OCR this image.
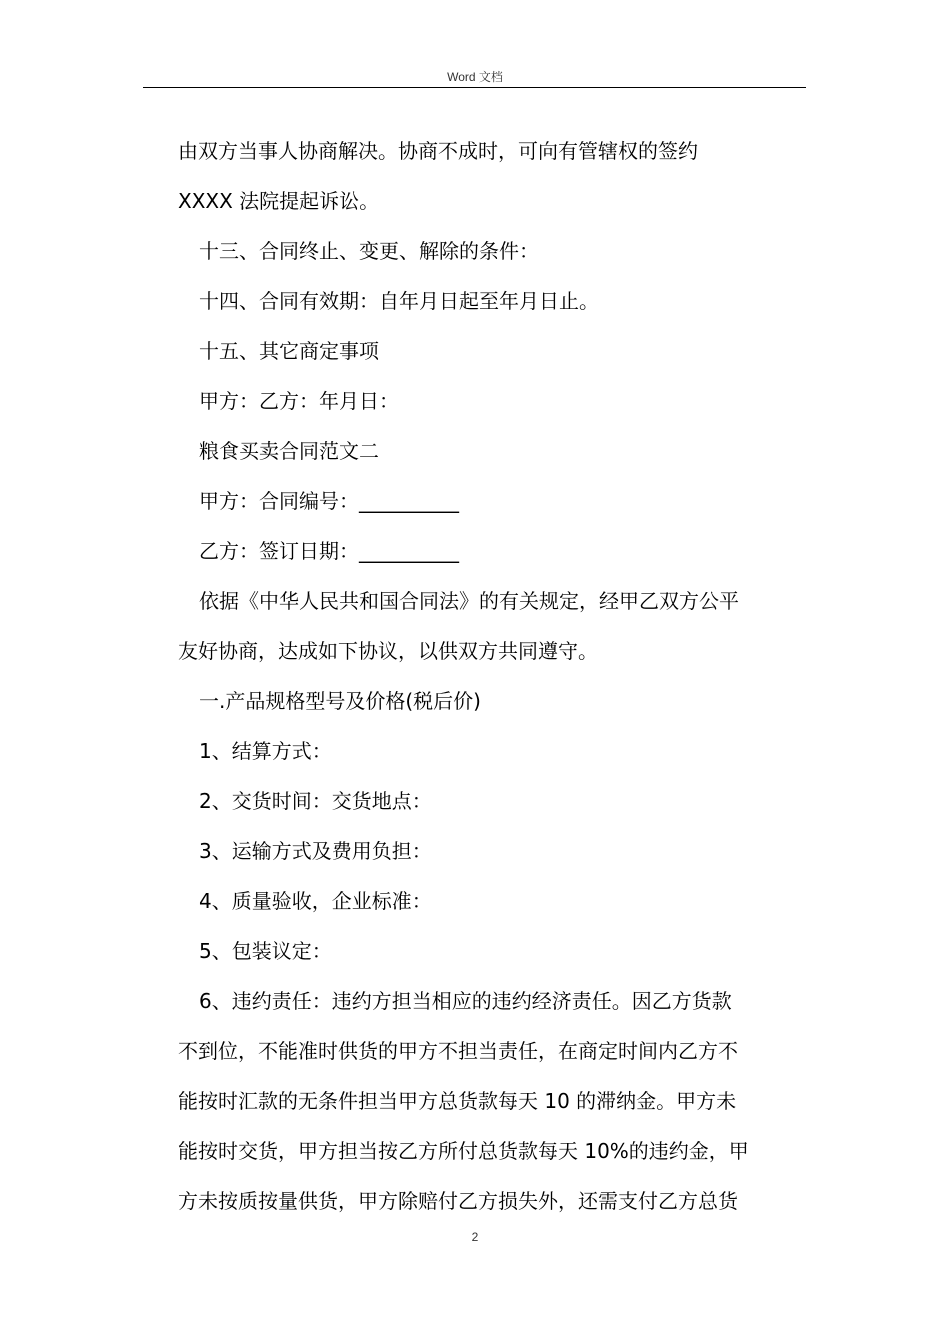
Word 文档
由双方当事人协商解决。协商不成时，可向有管辖权的签约
XXXX 法院提起诉讼。
十三、合同终止、变更、解除的条件：
十四、合同有效期：自年月日起至年月日止。
十五、其它商定事项
甲方：乙方：年月日：
粮食买卖合同范文二
甲方：合同编号：__________
乙方：签订日期：__________
依据《中华人民共和国合同法》的有关规定，经甲乙双方公平
友好协商，达成如下协议，以供双方共同遵守。
一.产品规格型号及价格(税后价)
1、结算方式：
2、交货时间：交货地点：
3、运输方式及费用负担：
4、质量验收，企业标准：
5、包装议定：
6、违约责任：违约方担当相应的违约经济责任。因乙方货款
不到位，不能准时供货的甲方不担当责任，在商定时间内乙方不
能按时汇款的无条件担当甲方总货款每天 10 的滞纳金。甲方未
能按时交货，甲方担当按乙方所付总货款每天 10%的违约金，甲
方未按质按量供货，甲方除赔付乙方损失外，还需支付乙方总货
2
